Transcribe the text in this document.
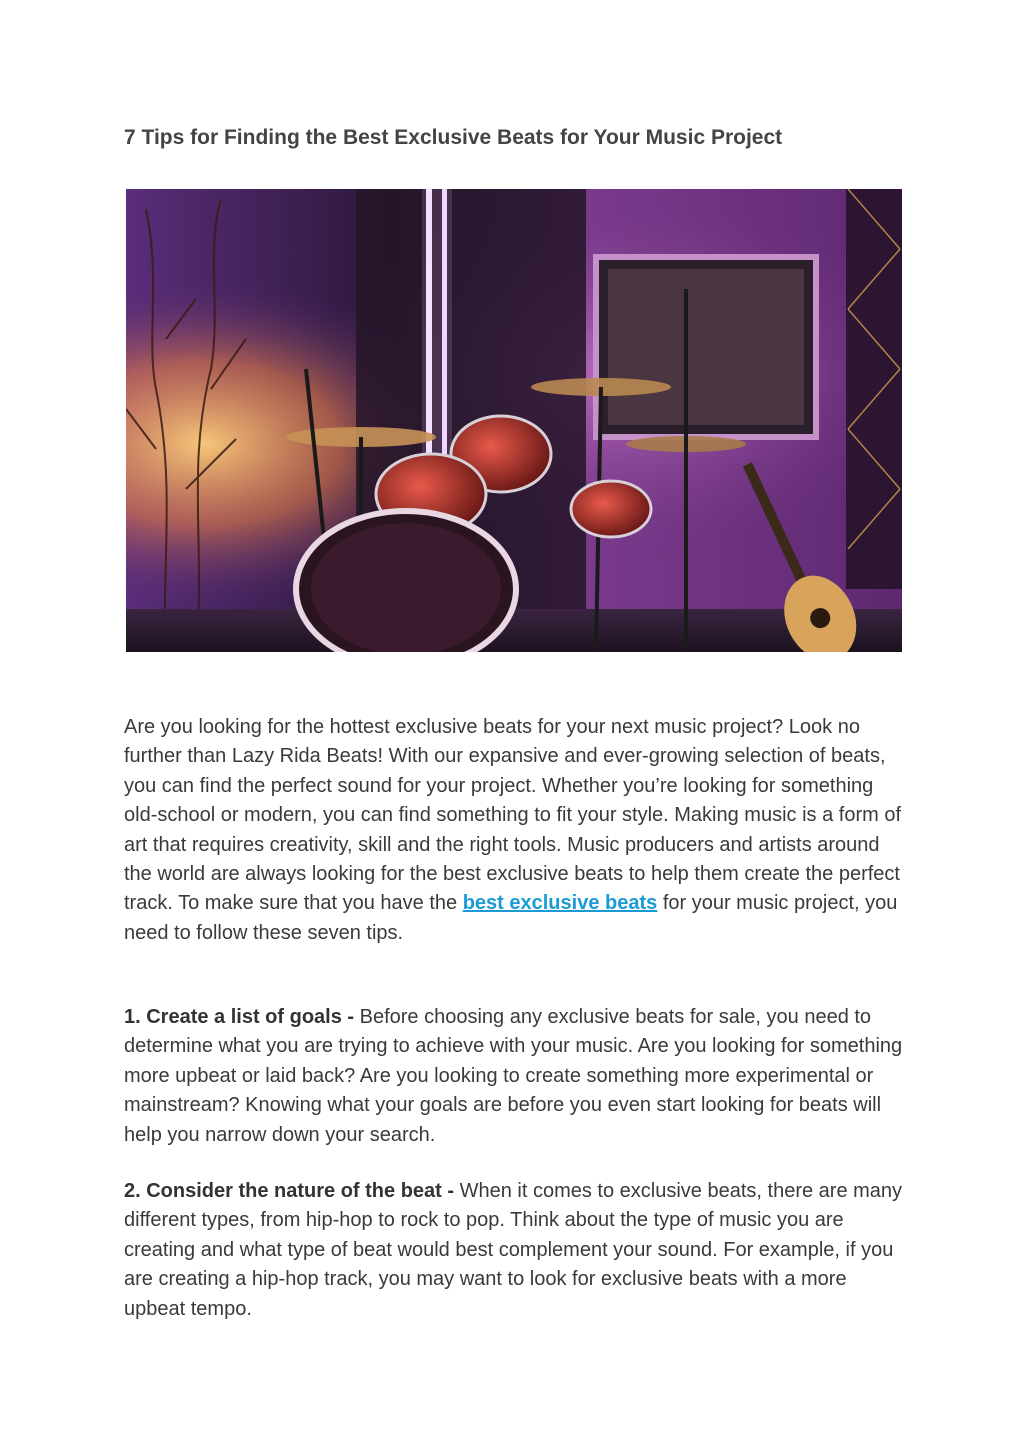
7 Tips for Finding the Best Exclusive Beats for Your Music Project

Are you looking for the hottest exclusive beats for your next music project? Look no further than Lazy Rida Beats! With our expansive and ever-growing selection of beats, you can find the perfect sound for your project. Whether you’re looking for something old-school or modern, you can find something to fit your style. Making music is a form of art that requires creativity, skill and the right tools. Music producers and artists around the world are always looking for the best exclusive beats to help them create the perfect track. To make sure that you have the best exclusive beats for your music project, you need to follow these seven tips.

1. Create a list of goals - Before choosing any exclusive beats for sale, you need to determine what you are trying to achieve with your music. Are you looking for something more upbeat or laid back? Are you looking to create something more experimental or mainstream? Knowing what your goals are before you even start looking for beats will help you narrow down your search.

2. Consider the nature of the beat - When it comes to exclusive beats, there are many different types, from hip-hop to rock to pop. Think about the type of music you are creating and what type of beat would best complement your sound. For example, if you are creating a hip-hop track, you may want to look for exclusive beats with a more upbeat tempo.
